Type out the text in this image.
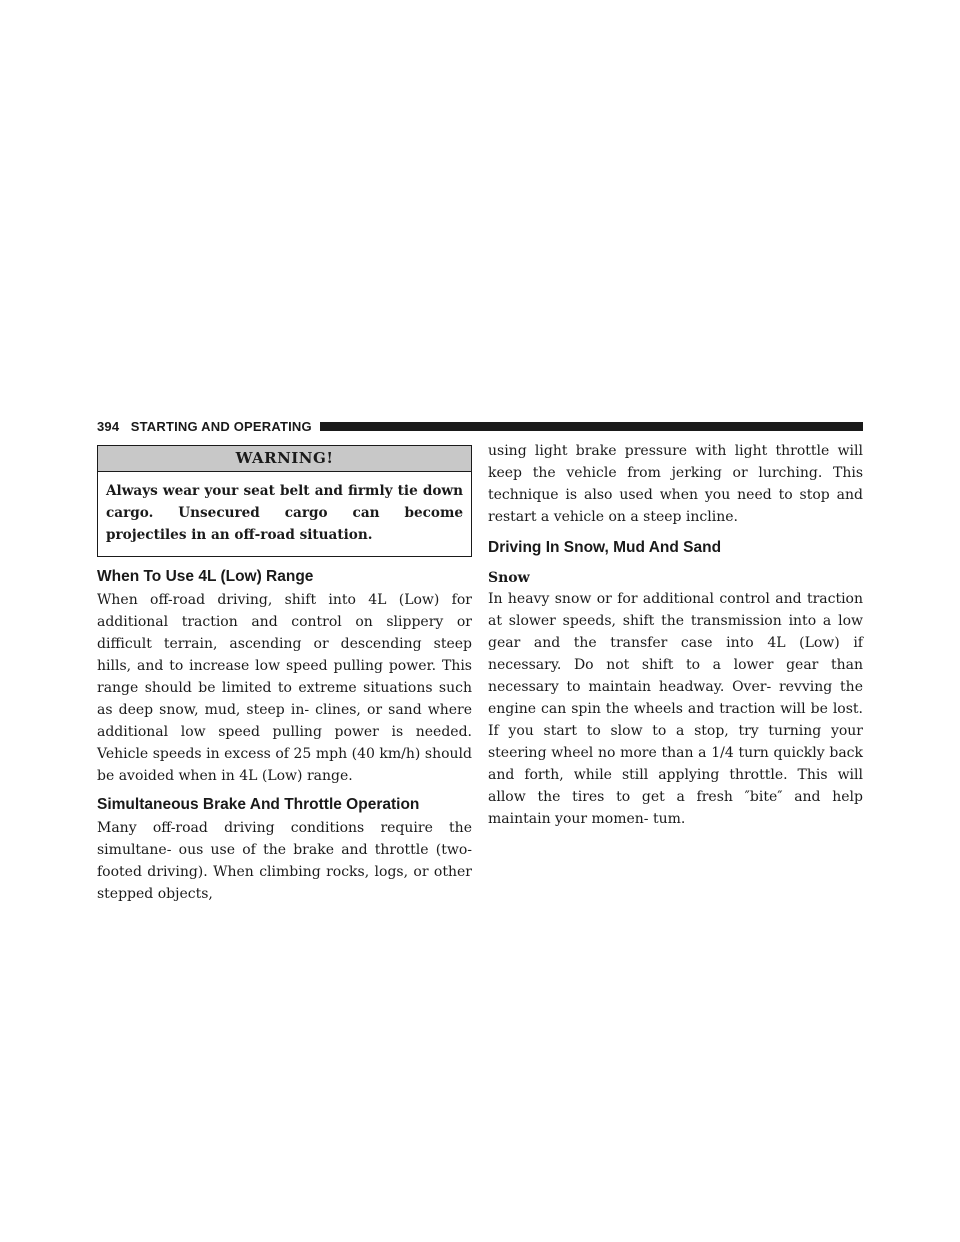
394 STARTING AND OPERATING
WARNING!
Always wear your seat belt and firmly tie down cargo. Unsecured cargo can become projectiles in an off-road situation.
When To Use 4L (Low) Range

When off-road driving, shift into 4L (Low) for additional traction and control on slippery or difficult terrain, ascending or descending steep hills, and to increase low speed pulling power. This range should be limited to extreme situations such as deep snow, mud, steep in- clines, or sand where additional low speed pulling power is needed. Vehicle speeds in excess of 25 mph (40 km/h) should be avoided when in 4L (Low) range.

Simultaneous Brake And Throttle Operation

Many off-road driving conditions require the simultane- ous use of the brake and throttle (two-footed driving). When climbing rocks, logs, or other stepped objects,

using light brake pressure with light throttle will keep the vehicle from jerking or lurching. This technique is also used when you need to stop and restart a vehicle on a steep incline.

Driving In Snow, Mud And Sand
Snow

In heavy snow or for additional control and traction at slower speeds, shift the transmission into a low gear and the transfer case into 4L (Low) if necessary. Do not shift to a lower gear than necessary to maintain headway. Over- revving the engine can spin the wheels and traction will be lost. If you start to slow to a stop, try turning your steering wheel no more than a 1/4 turn quickly back and forth, while still applying throttle. This will allow the tires to get a fresh ″bite″ and help maintain your momen- tum.
